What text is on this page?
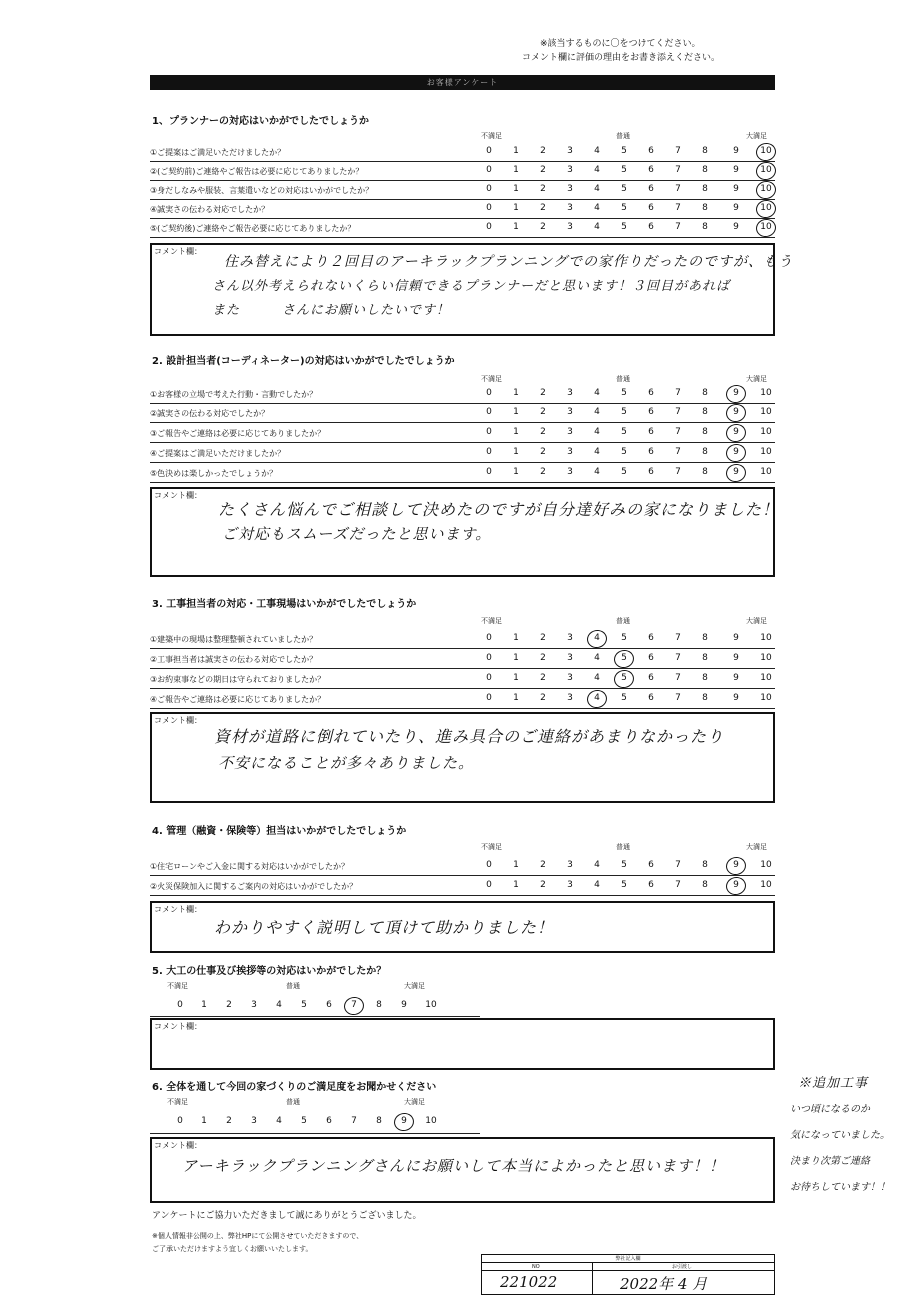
※該当するものに〇をつけてください。
コメント欄に評価の理由をお書き添えください。
お客様アンケート
1、プランナーの対応はいかがでしたでしょうか
不満足	普通	大満足
①ご提案はご満足いただけましたか？	0	1	2	3	4	5	6	7	8	9	10
②(ご契約前)ご連絡やご報告は必要に応じてありましたか？	0	1	2	3	4	5	6	7	8	9	10
③身だしなみや服装、言葉遣いなどの対応はいかがでしたか？	0	1	2	3	4	5	6	7	8	9	10
④誠実さの伝わる対応でしたか？	0	1	2	3	4	5	6	7	8	9	10
⑤(ご契約後)ご連絡やご報告必要に応じてありましたか？	0	1	2	3	4	5	6	7	8	9	10
コメント欄：
住み替えにより２回目のアーキラックプランニングでの家作りだったのですが、もう
さん以外考えられないくらい信頼できるプランナーだと思います！３回目があれば
また　　　さんにお願いしたいです！
2. 設計担当者(コーディネーター)の対応はいかがでしたでしょうか
不満足	普通	大満足
①お客様の立場で考えた行動・言動でしたか？	0	1	2	3	4	5	6	7	8	9	10
②誠実さの伝わる対応でしたか？	0	1	2	3	4	5	6	7	8	9	10
③ご報告やご連絡は必要に応じてありましたか？	0	1	2	3	4	5	6	7	8	9	10
④ご提案はご満足いただけましたか？	0	1	2	3	4	5	6	7	8	9	10
⑤色決めは楽しかったでしょうか？	0	1	2	3	4	5	6	7	8	9	10
コメント欄：
たくさん悩んでご相談して決めたのですが自分達好みの家になりました！
ご対応もスムーズだったと思います。
3. 工事担当者の対応・工事現場はいかがでしたでしょうか
不満足	普通	大満足
①建築中の現場は整理整頓されていましたか？	0	1	2	3	4	5	6	7	8	9	10
②工事担当者は誠実さの伝わる対応でしたか？	0	1	2	3	4	5	6	7	8	9	10
③お約束事などの期日は守られておりましたか？	0	1	2	3	4	5	6	7	8	9	10
④ご報告やご連絡は必要に応じてありましたか？	0	1	2	3	4	5	6	7	8	9	10
コメント欄：
資材が道路に倒れていたり、進み具合のご連絡があまりなかったり
不安になることが多々ありました。
4. 管理（融資・保険等）担当はいかがでしたでしょうか
不満足	普通	大満足
①住宅ローンやご入金に関する対応はいかがでしたか？	0	1	2	3	4	5	6	7	8	9	10
②火災保険加入に関するご案内の対応はいかがでしたか？	0	1	2	3	4	5	6	7	8	9	10
コメント欄：
わかりやすく説明して頂けて助かりました！
5. 大工の仕事及び挨拶等の対応はいかがでしたか？
不満足	普通	大満足
0	1	2	3	4	5	6	7	8	9	10
コメント欄：
6. 全体を通して今回の家づくりのご満足度をお聞かせください
不満足	普通	大満足
0	1	2	3	4	5	6	7	8	9	10
コメント欄：
アーキラックプランニングさんにお願いして本当によかったと思います！！
※追加工事
いつ頃になるのか
気になっていました。
決まり次第ご連絡
お待ちしています！！
アンケートにご協力いただきまして誠にありがとうございました。
※個人情報非公開の上、弊社HPにて公開させていただきますので、
ご了承いただけますよう宜しくお願いいたします。
弊社記入欄
NO	お引渡し
221022	2022年 4 月
